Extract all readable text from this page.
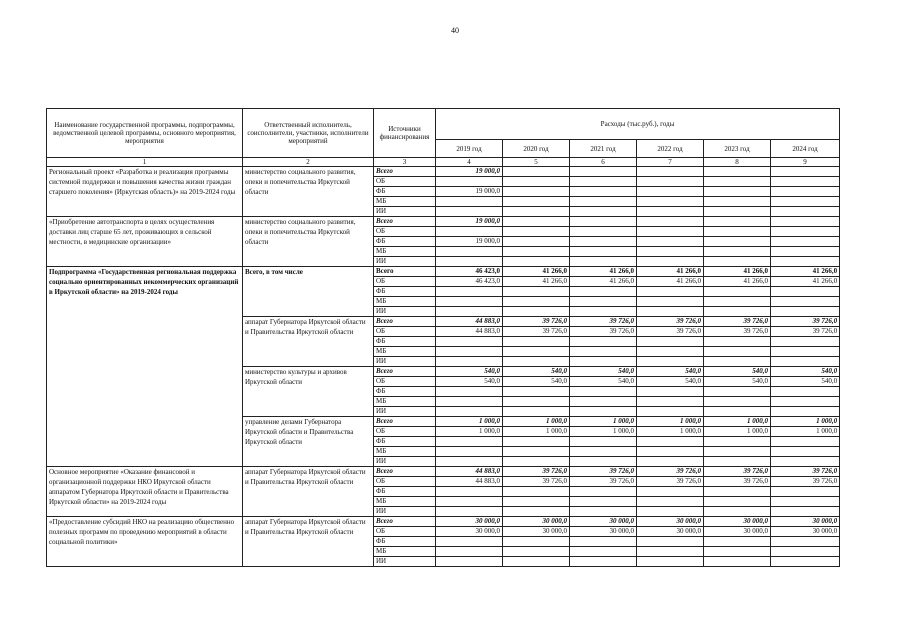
40
Наименование государственной программы, подпрограммы, ведомственной целевой программы, основного мероприятия, мероприятия	Ответственный исполнитель, соисполнители, участники, исполнители мероприятий	Источники финансирования	Расходы (тыс.руб.), годы					
			2019 год	2020 год	2021 год	2022 год	2023 год	2024 год
1	2	3	4	5	6	7	8	9
Региональный проект «Разработка и реализация программы системной поддержки и повышения качества жизни граждан старшего поколения» (Иркутская область)» на 2019-2024 годы	министерство социального развития, опеки и попечительства Иркутской области	Всего	19 000,0					
		ОБ						
		ФБ	19 000,0					
		МБ						
		ИИ						
«Приобретение автотранспорта в целях осуществления доставки лиц старше 65 лет, проживающих в сельской местности, в медицинские организации»	министерство социального развития, опеки и попечительства Иркутской области	Всего	19 000,0					
		ОБ						
		ФБ	19 000,0					
		МБ						
		ИИ						
Подпрограмма «Государственная региональная поддержка социально ориентированных некоммерческих организаций в Иркутской области» на 2019-2024 годы	Всего, в том числе	Всего	46 423,0	41 266,0	41 266,0	41 266,0	41 266,0	41 266,0
		ОБ	46 423,0	41 266,0	41 266,0	41 266,0	41 266,0	41 266,0
		ФБ						
		МБ						
		ИИ						
	аппарат Губернатора Иркутской области и Правительства Иркутской области	Всего	44 883,0	39 726,0	39 726,0	39 726,0	39 726,0	39 726,0
		ОБ	44 883,0	39 726,0	39 726,0	39 726,0	39 726,0	39 726,0
		ФБ						
		МБ						
		ИИ						
	министерство культуры и архивов Иркутской области	Всего	540,0	540,0	540,0	540,0	540,0	540,0
		ОБ	540,0	540,0	540,0	540,0	540,0	540,0
		ФБ						
		МБ						
		ИИ						
	управление делами Губернатора Иркутской области и Правительства Иркутской области	Всего	1 000,0	1 000,0	1 000,0	1 000,0	1 000,0	1 000,0
		ОБ	1 000,0	1 000,0	1 000,0	1 000,0	1 000,0	1 000,0
		ФБ						
		МБ						
		ИИ						
Основное мероприятие «Оказание финансовой и организационной поддержки НКО Иркутской области аппаратом Губернатора Иркутской области и Правительства Иркутской области» на 2019-2024 годы	аппарат Губернатора Иркутской области и Правительства Иркутской области	Всего	44 883,0	39 726,0	39 726,0	39 726,0	39 726,0	39 726,0
		ОБ	44 883,0	39 726,0	39 726,0	39 726,0	39 726,0	39 726,0
		ФБ						
		МБ						
		ИИ						
«Предоставление субсидий НКО на реализацию общественно полезных программ по проведению мероприятий в области социальной политики»	аппарат Губернатора Иркутской области и Правительства Иркутской области	Всего	30 000,0	30 000,0	30 000,0	30 000,0	30 000,0	30 000,0
		ОБ	30 000,0	30 000,0	30 000,0	30 000,0	30 000,0	30 000,0
		ФБ						
		МБ						
		ИИ						
